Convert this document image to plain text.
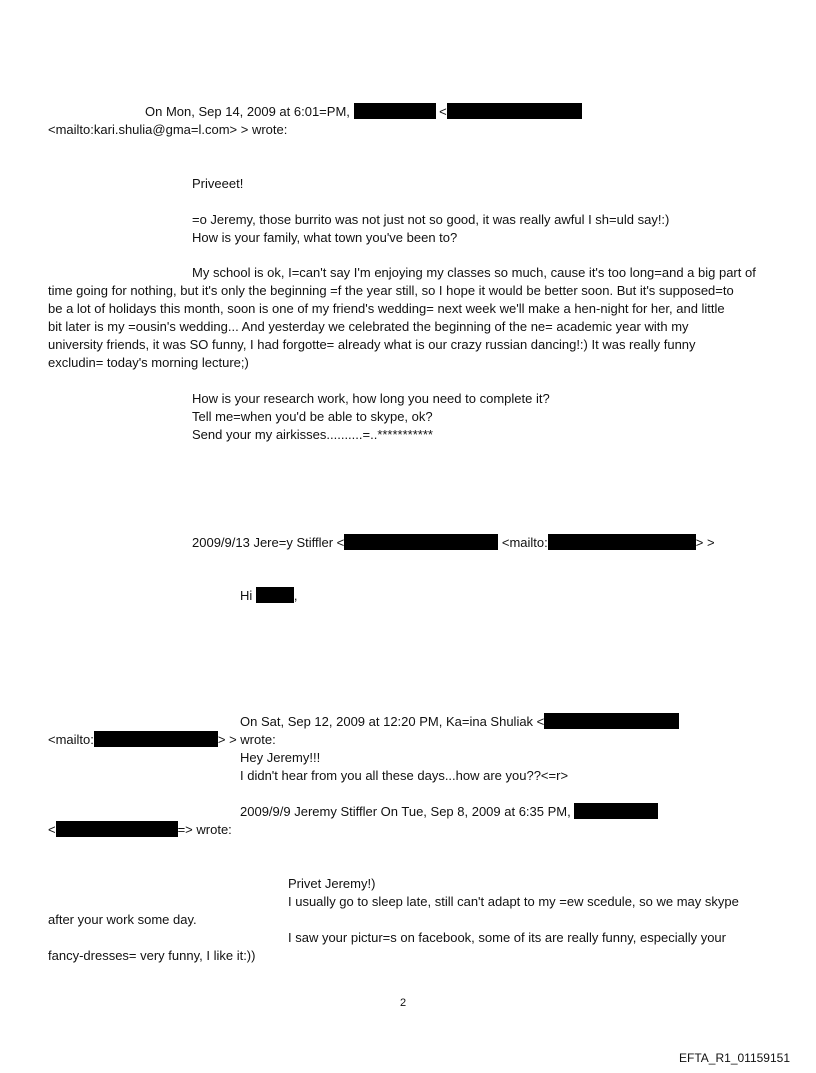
On Mon, Sep 14, 2009 at 6:01=PM,	<
<mailto:kari.shulia@gma=l.com> > wrote:
Priveeet!
=o Jeremy, those burrito was not just not so good, it was really awful I sh=uld say!:)
How is your family, what town you've been to?

My school is ok, I=can't say I'm enjoying my classes so much, cause it's too long=and a big part of

time going for nothing, but it's only the beginning =f the year still, so I hope it would be better soon. But it's supposed=to

be a lot of holidays this month, soon is one of my friend's wedding= next week we'll make a hen-night for her, and little

bit later is my =ousin's wedding... And yesterday we celebrated the beginning of the ne= academic year with my

university friends, it was SO funny, I had forgotte= already what is our crazy russian dancing!:) It was really funny

excludin= today's morning lecture;)

How is your research work, how long you need to complete it?
Tell me=when you'd be able to skype, ok?
Send your my airkisses..........=..***********
2009/9/13 Jere=y Stiffler <	<mailto:	> >
Hi	,
On Sat, Sep 12, 2009 at 12:20 PM, Ka=ina Shuliak <
<mailto:	> > wrote:
Hey Jeremy!!!
I didn't hear from you all these days...how are you??<=r>
2009/9/9 Jeremy Stiffler On Tue, Sep 8, 2009 at 6:35 PM,
<	=> wrote:
Privet Jeremy!)
I usually go to sleep late, still can't adapt to my =ew scedule, so we may skype
after your work some day.
I saw your pictur=s on facebook, some of its are really funny, especially your
fancy-dresses= very funny, I like it:))
2
EFTA_R1_01159151
